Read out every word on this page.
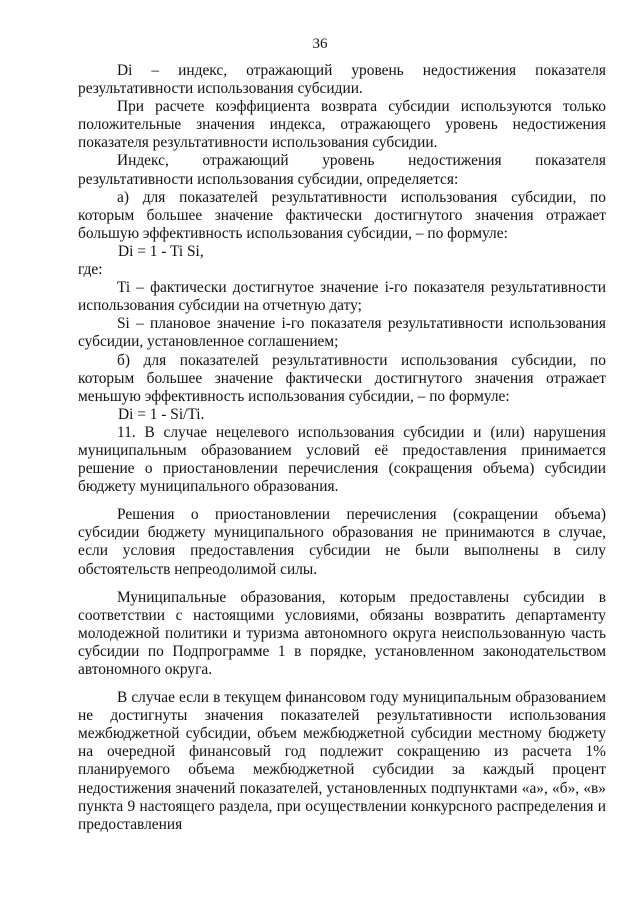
36

Di – индекс, отражающий уровень недостижения показателя результативности использования субсидии.

При расчете коэффициента возврата субсидии используются только положительные значения индекса, отражающего уровень недостижения показателя результативности использования субсидии.

Индекс, отражающий уровень недостижения показателя результативности использования субсидии, определяется:

а) для показателей результативности использования субсидии, по которым большее значение фактически достигнутого значения отражает большую эффективность использования субсидии, – по формуле:

Di = 1 - Ti Si,

где:

Ti – фактически достигнутое значение i-го показателя результативности использования субсидии на отчетную дату;

Si – плановое значение i-го показателя результативности использования субсидии, установленное соглашением;

б) для показателей результативности использования субсидии, по которым большее значение фактически достигнутого значения отражает меньшую эффективность использования субсидии, – по формуле:

Di = 1 - Si/Ti.

11. В случае нецелевого использования субсидии и (или) нарушения муниципальным образованием условий её предоставления принимается решение о приостановлении перечисления (сокращения объема) субсидии бюджету муниципального образования.

Решения о приостановлении перечисления (сокращении объема) субсидии бюджету муниципального образования не принимаются в случае, если условия предоставления субсидии не были выполнены в силу обстоятельств непреодолимой силы.

Муниципальные образования, которым предоставлены субсидии в соответствии с настоящими условиями, обязаны возвратить департаменту молодежной политики и туризма автономного округа неиспользованную часть субсидии по Подпрограмме 1 в порядке, установленном законодательством автономного округа.

В случае если в текущем финансовом году муниципальным образованием не достигнуты значения показателей результативности использования межбюджетной субсидии, объем межбюджетной субсидии местному бюджету на очередной финансовый год подлежит сокращению из расчета 1% планируемого объема межбюджетной субсидии за каждый процент недостижения значений показателей, установленных подпунктами «а», «б», «в» пункта 9 настоящего раздела, при осуществлении конкурсного распределения и предоставления
